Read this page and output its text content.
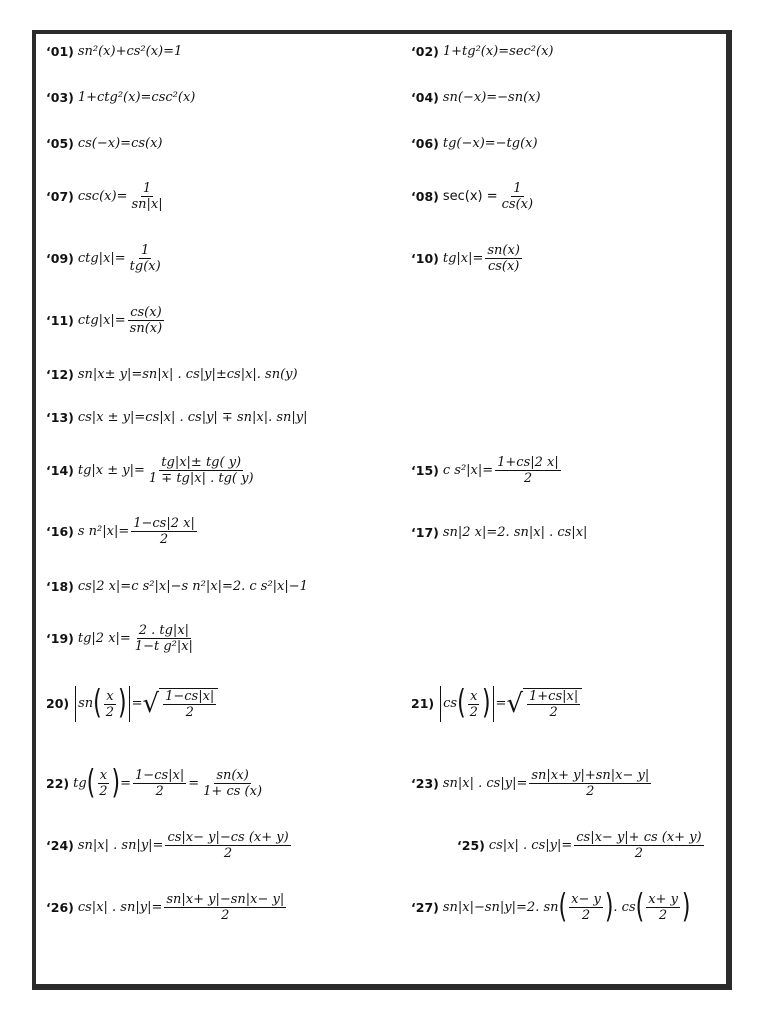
‘01) sn²(x)+cs²(x)=1	‘02) 1+tg²(x)=sec²(x)
‘03) 1+ctg²(x)=csc²(x)	‘04) sn(−x)=−sn(x)
‘05) cs(−x)=cs(x)	‘06) tg(−x)=−tg(x)
‘07) $\csc(x)= \frac{1}{sn|x|}$	‘08) $\sec(x) = \frac{1}{cs(x)}$
‘09) $ctg|x|= \frac{1}{tg(x)}$	‘10) $tg|x|= \frac{sn(x)}{cs(x)}$
‘11) $ctg|x|= \frac{cs(x)}{sn(x)}$
‘12) sn|x± y|=sn|x| . cs|y|±cs|x|. sn(y)
‘13) cs|x ± y|=cs|x| . cs|y| ∓ sn|x|. sn|y|
‘14) $tg|x \pm y|= \frac{tg|x|\pm tg( y)}{1 \mp tg|x| . tg( y)}$	‘15) c $s^2|x|= \frac{1+cs|2 x|}{2}$
‘16) s $n^2|x|= \frac{1-cs|2 x|}{2}$	‘17) sn|2 x|=2. sn|x| . cs|x|
‘18) cs|2 x|=c s²|x|−s n²|x|=2. c s²|x|−1
‘19) tg|2 $x|= \frac{2 . tg|x|}{\text{1−t g²|x|}}$
20) sn ( $\frac{x}{2}$ ) = √ $\frac{1-cs|x|}{2}$	21) cs ( $\frac{x}{2}$ ) = √ $\frac{1+cs|x|}{2}$
22) tg ( $\frac{x}{2}$ ) = $\frac{1-cs|x|}{2} = \frac{sn(x)}{1+ cs (x)}$	‘23) sn|x| . $cs|y|= \frac{sn|x+ y|+sn|x- y|}{2}$
‘24) sn|x| . $sn|y|= \frac{cs|x- y|-cs (x+ y)}{2}$	‘25) cs|x| . $cs|y|= \frac{cs|x- y|+ cs (x+ y)}{2}$
‘26) cs|x| . $sn|y|= \frac{sn|x+ y|-sn|x- y|}{2}$	‘27) sn|x|−sn|y|=2. sn ( $\frac{x- y}{2}$ ) . cs ( $\frac{x+ y}{2}$ )
